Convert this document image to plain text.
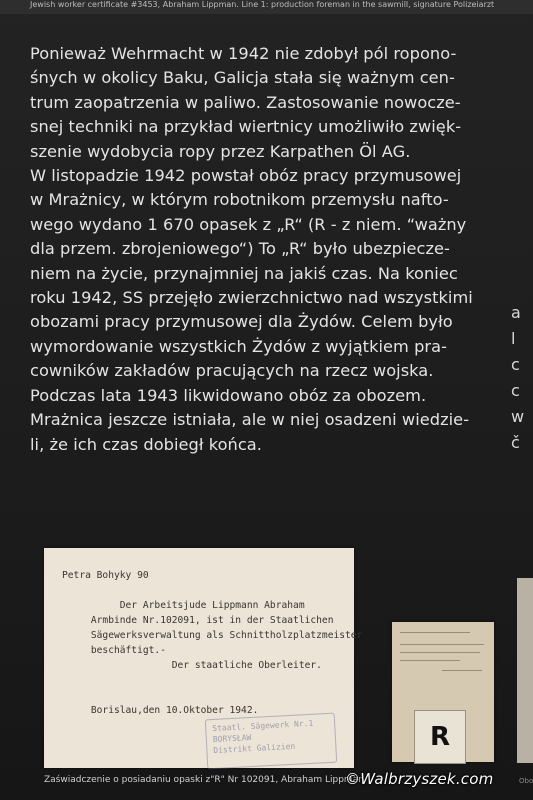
Jewish worker certificate #3453, Abraham Lippman. Line 1: production foreman in the sawmill, signature Polizeiarzt
Ponieważ Wehrmacht w 1942 nie zdobył pól ropono-
śnych w okolicy Baku, Galicja stała się ważnym cen-
trum zaopatrzenia w paliwo. Zastosowanie nowocze-
snej techniki na przykład wiertnicy umożliwiło zwięk-
szenie wydobycia ropy przez Karpathen Öl AG.
W listopadzie 1942 powstał obóz pracy przymusowej
w Mrażnicy, w którym robotnikom przemysłu nafto-
wego wydano 1 670 opasek z „R“ (R - z niem. “ważny
dla przem. zbrojeniowego“) To „R“ było ubezpiecze-
niem na życie, przynajmniej na jakiś czas. Na koniec
roku 1942, SS przejęło zwierzchnictwo nad wszystkimi
obozami pracy przymusowej dla Żydów. Celem było
wymordowanie wszystkich Żydów z wyjątkiem pra-
cowników zakładów pracujących na rzecz wojska.
Podczas lata 1943 likwidowano obóz za obozem.
Mrażnica jeszcze istniała, ale w niej osadzeni wiedzie-
li, że ich czas dobiegł końca.
a
l
c
c
w
č
Petra Bohyky 90

Der Arbeitsjude Lippmann Abraham
Armbinde Nr.102091, ist in der Staatlichen
Sägewerksverwaltung als Schnittholzplatzmeister
beschäftigt.-
Der staatliche Oberleiter.

Borislau,den 10.Oktober 1942.
Staatl. Sägewerk Nr.1
BORYSŁAW
Distrikt Galizien
Zaświadczenie o posiadaniu opaski z"R" Nr 102091, Abraham Lippman
R
Obo
©Walbrzyszek.com
